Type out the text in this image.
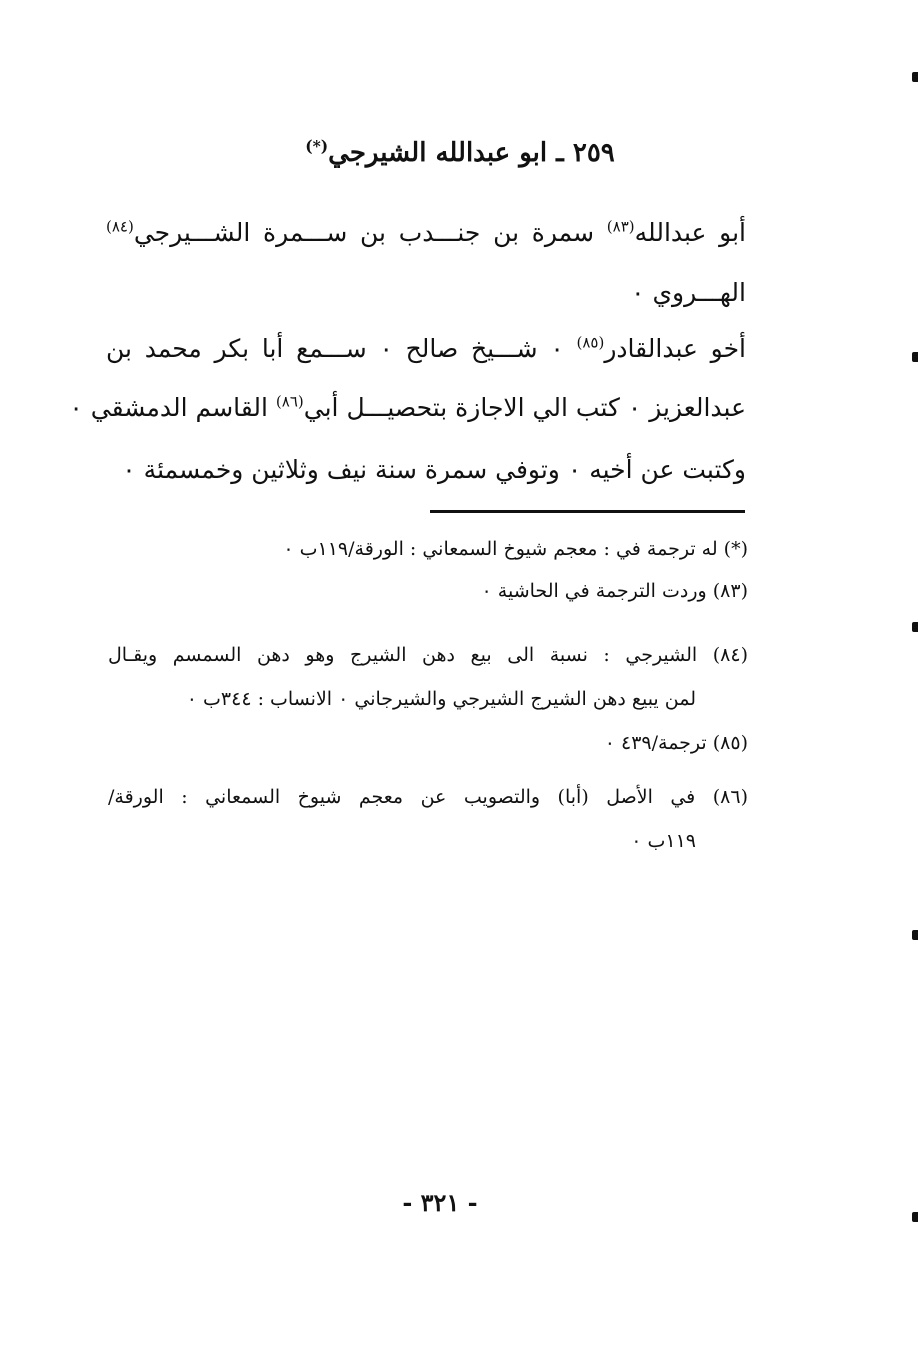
٢٥٩ ـ ابو عبدالله الشيرجي(*)
أبو عبدالله$^{(٨٣)}$ سمرة بن جنـــدب بن ســـمرة الشـــيرجي$^{(٨٤)}$
الهـــروي ٠
أخو عبدالقادر$^{(٨٥)}$ ٠ شـــيخ صالح ٠ ســـمع أبا بكر محمد بن
عبدالعزيز ٠ كتب الي الاجازة بتحصيـــل أبي$^{(٨٦)}$ القاسم الدمشقي ٠
وكتبت عن أخيه ٠ وتوفي سمرة سنة نيف وثلاثين وخمسمئة ٠
(*) له ترجمة في : معجم شيوخ السمعاني : الورقة/١١٩ب ٠
(٨٣) وردت الترجمة في الحاشية ٠
(٨٤) الشيرجي : نسبة الى بيع دهن الشيرج وهو دهن السمسم ويقـال
لمن يبيع دهن الشيرج الشيرجي والشيرجاني ٠ الانساب : ٣٤٤ب ٠
(٨٥) ترجمة/٤٣٩ ٠
(٨٦) في الأصل (أبا) والتصويب عن معجم شيوخ السمعاني : الورقة/
١١٩ب ٠
- ٣٢١ -
